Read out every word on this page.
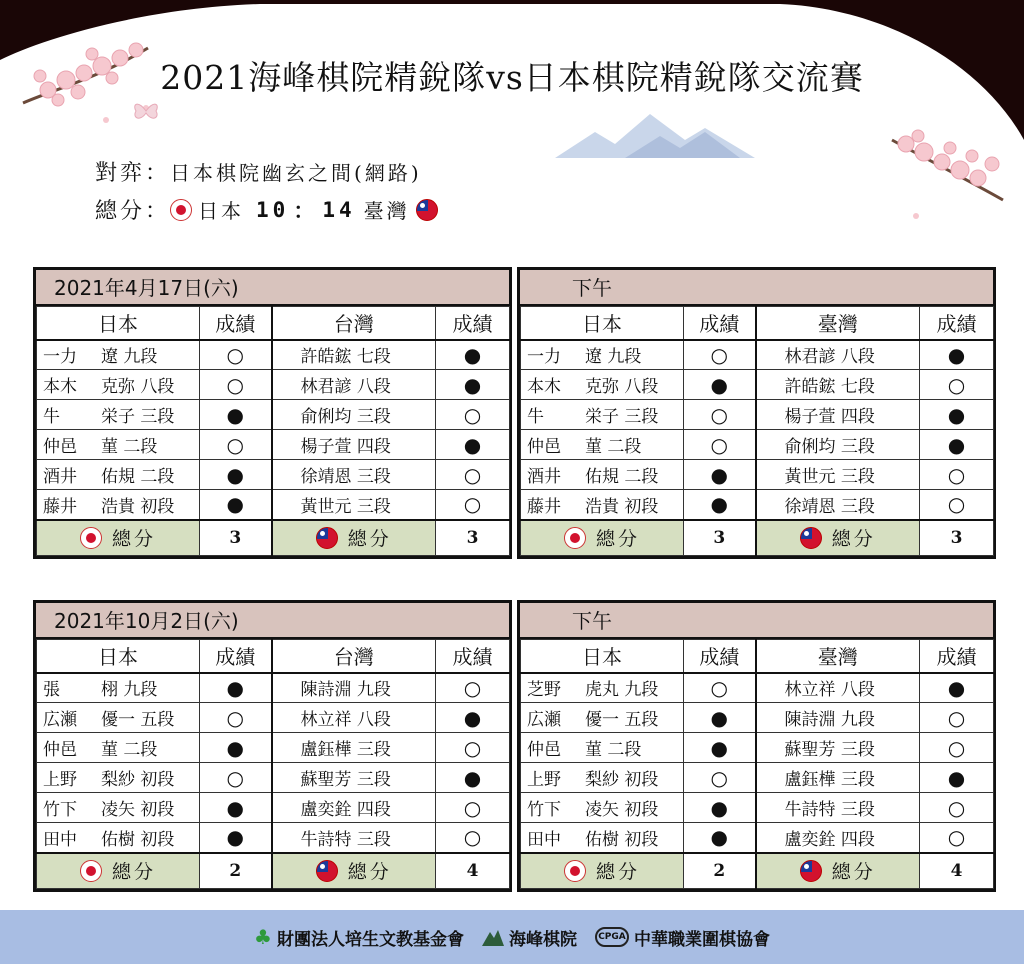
2021海峰棋院精銳隊vs日本棋院精銳隊交流賽
對弈： 日本棋院幽玄之間(網路)
總分： 日本 10 ： 14 臺灣
2021年4月17日(六)
日本	成績	台灣	成績
一力 遼 九段	○	許皓鋐 七段	●
本木 克弥 八段	○	林君諺 八段	●
牛 栄子 三段	●	俞俐均 三段	○
仲邑 菫 二段	○	楊子萱 四段	●
酒井 佑規 二段	●	徐靖恩 三段	○
藤井 浩貴 初段	●	黃世元 三段	○

總分	3	總分	3
下午
日本	成績	臺灣	成績
一力 遼 九段	○	林君諺 八段	●
本木 克弥 八段	●	許皓鋐 七段	○
牛 栄子 三段	○	楊子萱 四段	●
仲邑 菫 二段	○	俞俐均 三段	●
酒井 佑規 二段	●	黃世元 三段	○
藤井 浩貴 初段	●	徐靖恩 三段	○

總分	3	總分	3
2021年10月2日(六)
日本	成績	台灣	成績
張 栩 九段	●	陳詩淵 九段	○
広瀬 優一 五段	○	林立祥 八段	●
仲邑 菫 二段	●	盧鈺樺 三段	○
上野 梨紗 初段	○	蘇聖芳 三段	●
竹下 凌矢 初段	●	盧奕銓 四段	○
田中 佑樹 初段	●	牛詩特 三段	○

總分	2	總分	4
下午
日本	成績	臺灣	成績
芝野 虎丸 九段	○	林立祥 八段	●
広瀬 優一 五段	●	陳詩淵 九段	○
仲邑 菫 二段	●	蘇聖芳 三段	○
上野 梨紗 初段	○	盧鈺樺 三段	●
竹下 凌矢 初段	●	牛詩特 三段	○
田中 佑樹 初段	●	盧奕銓 四段	○

總分	2	總分	4
♣ 財團法人培生文教基金會	海峰棋院	CPGA 中華職業圍棋協會
